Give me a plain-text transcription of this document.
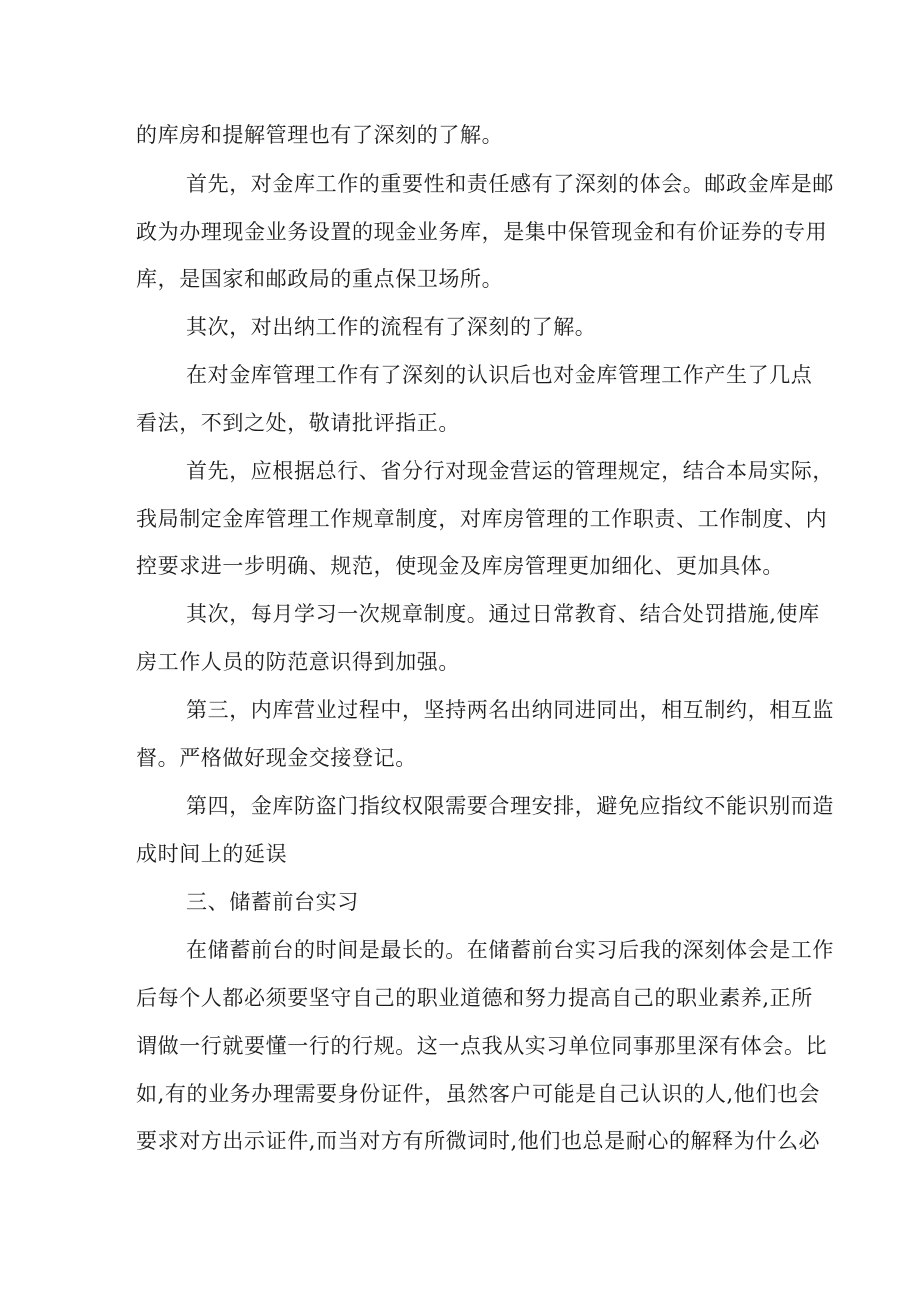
的库房和提解管理也有了深刻的了解。
首先，对金库工作的重要性和责任感有了深刻的体会。邮政金库是邮
政为办理现金业务设置的现金业务库，是集中保管现金和有价证券的专用
库，是国家和邮政局的重点保卫场所。
其次，对出纳工作的流程有了深刻的了解。
在对金库管理工作有了深刻的认识后也对金库管理工作产生了几点
看法，不到之处，敬请批评指正。
首先，应根据总行、省分行对现金营运的管理规定，结合本局实际，
我局制定金库管理工作规章制度，对库房管理的工作职责、工作制度、内
控要求进一步明确、规范，使现金及库房管理更加细化、更加具体。
其次，每月学习一次规章制度。通过日常教育、结合处罚措施,使库
房工作人员的防范意识得到加强。
第三，内库营业过程中，坚持两名出纳同进同出，相互制约，相互监
督。严格做好现金交接登记。
第四，金库防盗门指纹权限需要合理安排，避免应指纹不能识别而造
成时间上的延误
三、储蓄前台实习
在储蓄前台的时间是最长的。在储蓄前台实习后我的深刻体会是工作
后每个人都必须要坚守自己的职业道德和努力提高自己的职业素养,正所
谓做一行就要懂一行的行规。这一点我从实习单位同事那里深有体会。比
如,有的业务办理需要身份证件，虽然客户可能是自己认识的人,他们也会
要求对方出示证件,而当对方有所微词时,他们也总是耐心的解释为什么必
